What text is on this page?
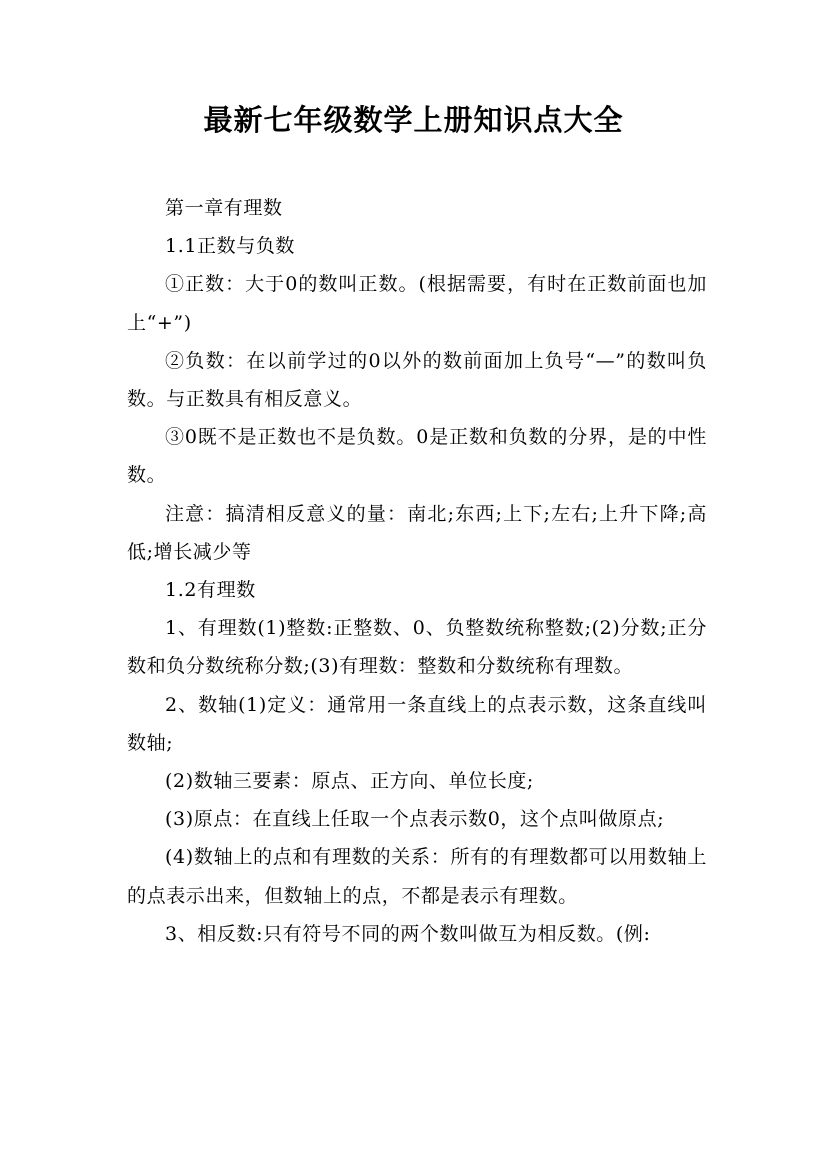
最新七年级数学上册知识点大全

第一章有理数

1.1正数与负数

①正数：大于0的数叫正数。(根据需要，有时在正数前面也加上“+”)

②负数：在以前学过的0以外的数前面加上负号“—”的数叫负数。与正数具有相反意义。

③0既不是正数也不是负数。0是正数和负数的分界，是的中性数。

注意：搞清相反意义的量：南北;东西;上下;左右;上升下降;高低;增长减少等

1.2有理数

1、有理数(1)整数:正整数、0、负整数统称整数;(2)分数;正分数和负分数统称分数;(3)有理数：整数和分数统称有理数。

2、数轴(1)定义：通常用一条直线上的点表示数，这条直线叫数轴;

(2)数轴三要素：原点、正方向、单位长度;

(3)原点：在直线上任取一个点表示数0，这个点叫做原点;

(4)数轴上的点和有理数的关系：所有的有理数都可以用数轴上的点表示出来，但数轴上的点，不都是表示有理数。

3、相反数:只有符号不同的两个数叫做互为相反数。(例:
